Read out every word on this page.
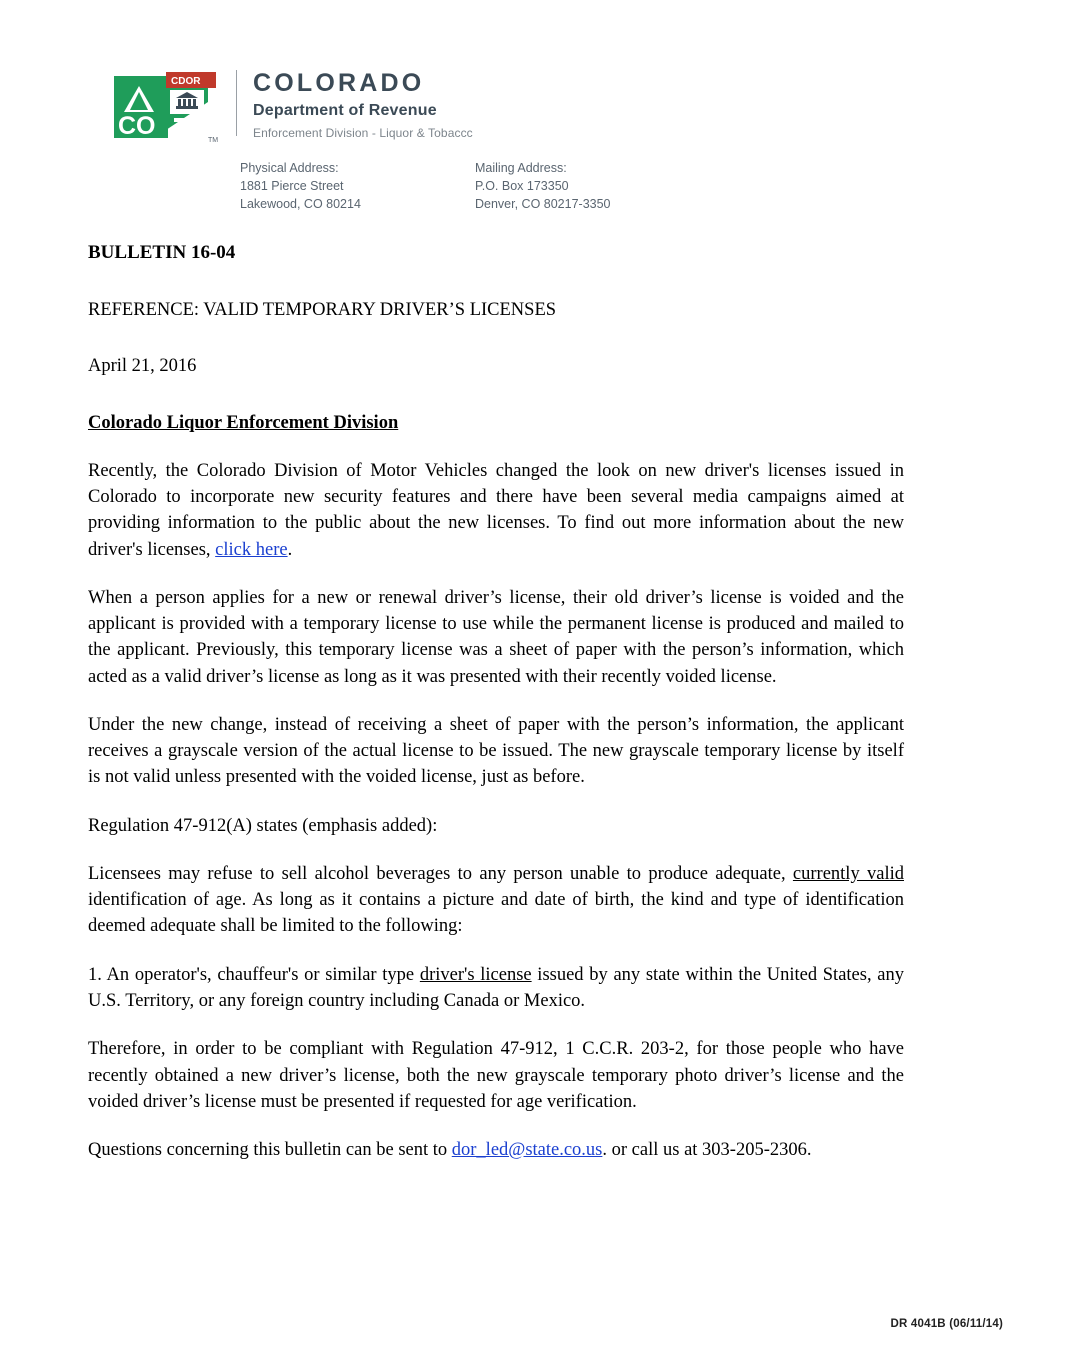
CO
CDOR
TM
COLORADO
Department of Revenue
Enforcement Division - Liquor & Tobaccc
Physical Address:
1881 Pierce Street
Lakewood, CO 80214
Mailing Address:
P.O. Box 173350
Denver, CO 80217-3350
BULLETIN 16-04
REFERENCE: VALID TEMPORARY DRIVER’S LICENSES
April 21, 2016
Colorado Liquor Enforcement Division

Recently, the Colorado Division of Motor Vehicles changed the look on new driver's licenses issued in Colorado to incorporate new security features and there have been several media campaigns aimed at providing information to the public about the new licenses. To find out more information about the new driver's licenses, click here.

When a person applies for a new or renewal driver’s license, their old driver’s license is voided and the applicant is provided with a temporary license to use while the permanent license is produced and mailed to the applicant. Previously, this temporary license was a sheet of paper with the person’s information, which acted as a valid driver’s license as long as it was presented with their recently voided license.

Under the new change, instead of receiving a sheet of paper with the person’s information, the applicant receives a grayscale version of the actual license to be issued. The new grayscale temporary license by itself is not valid unless presented with the voided license, just as before.

Regulation 47-912(A) states (emphasis added):

Licensees may refuse to sell alcohol beverages to any person unable to produce adequate, currently valid identification of age. As long as it contains a picture and date of birth, the kind and type of identification deemed adequate shall be limited to the following:

1. An operator's, chauffeur's or similar type driver's license issued by any state within the United States, any U.S. Territory, or any foreign country including Canada or Mexico.

Therefore, in order to be compliant with Regulation 47-912, 1 C.C.R. 203-2, for those people who have recently obtained a new driver’s license, both the new grayscale temporary photo driver’s license and the voided driver’s license must be presented if requested for age verification.

Questions concerning this bulletin can be sent to dor_led@state.co.us. or call us at 303-205-2306.

DR 4041B (06/11/14)
